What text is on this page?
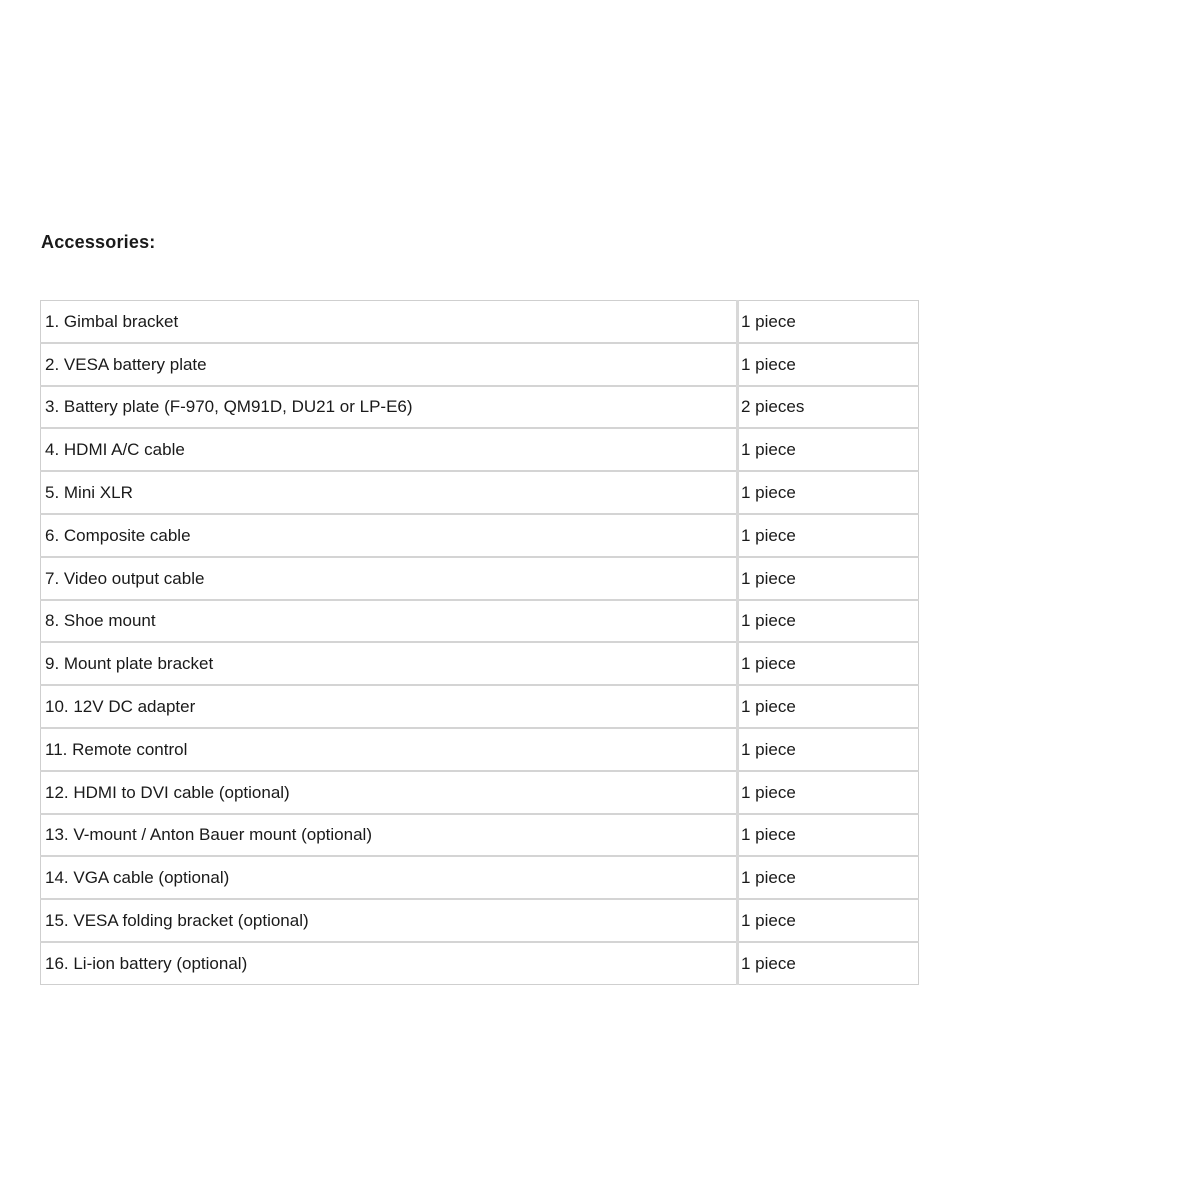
Accessories:
1. Gimbal bracket	1 piece
2. VESA battery plate	1 piece
3. Battery plate (F-970, QM91D, DU21 or LP-E6)	2 pieces
4. HDMI A/C cable	1 piece
5. Mini XLR	1 piece
6. Composite cable	1 piece
7. Video output cable	1 piece
8. Shoe mount	1 piece
9. Mount plate bracket	1 piece
10. 12V DC adapter	1 piece
11. Remote control	1 piece
12. HDMI to DVI cable (optional)	1 piece
13. V-mount / Anton Bauer mount (optional)	1 piece
14. VGA cable (optional)	1 piece
15. VESA folding bracket (optional)	1 piece
16. Li-ion battery (optional)	1 piece
